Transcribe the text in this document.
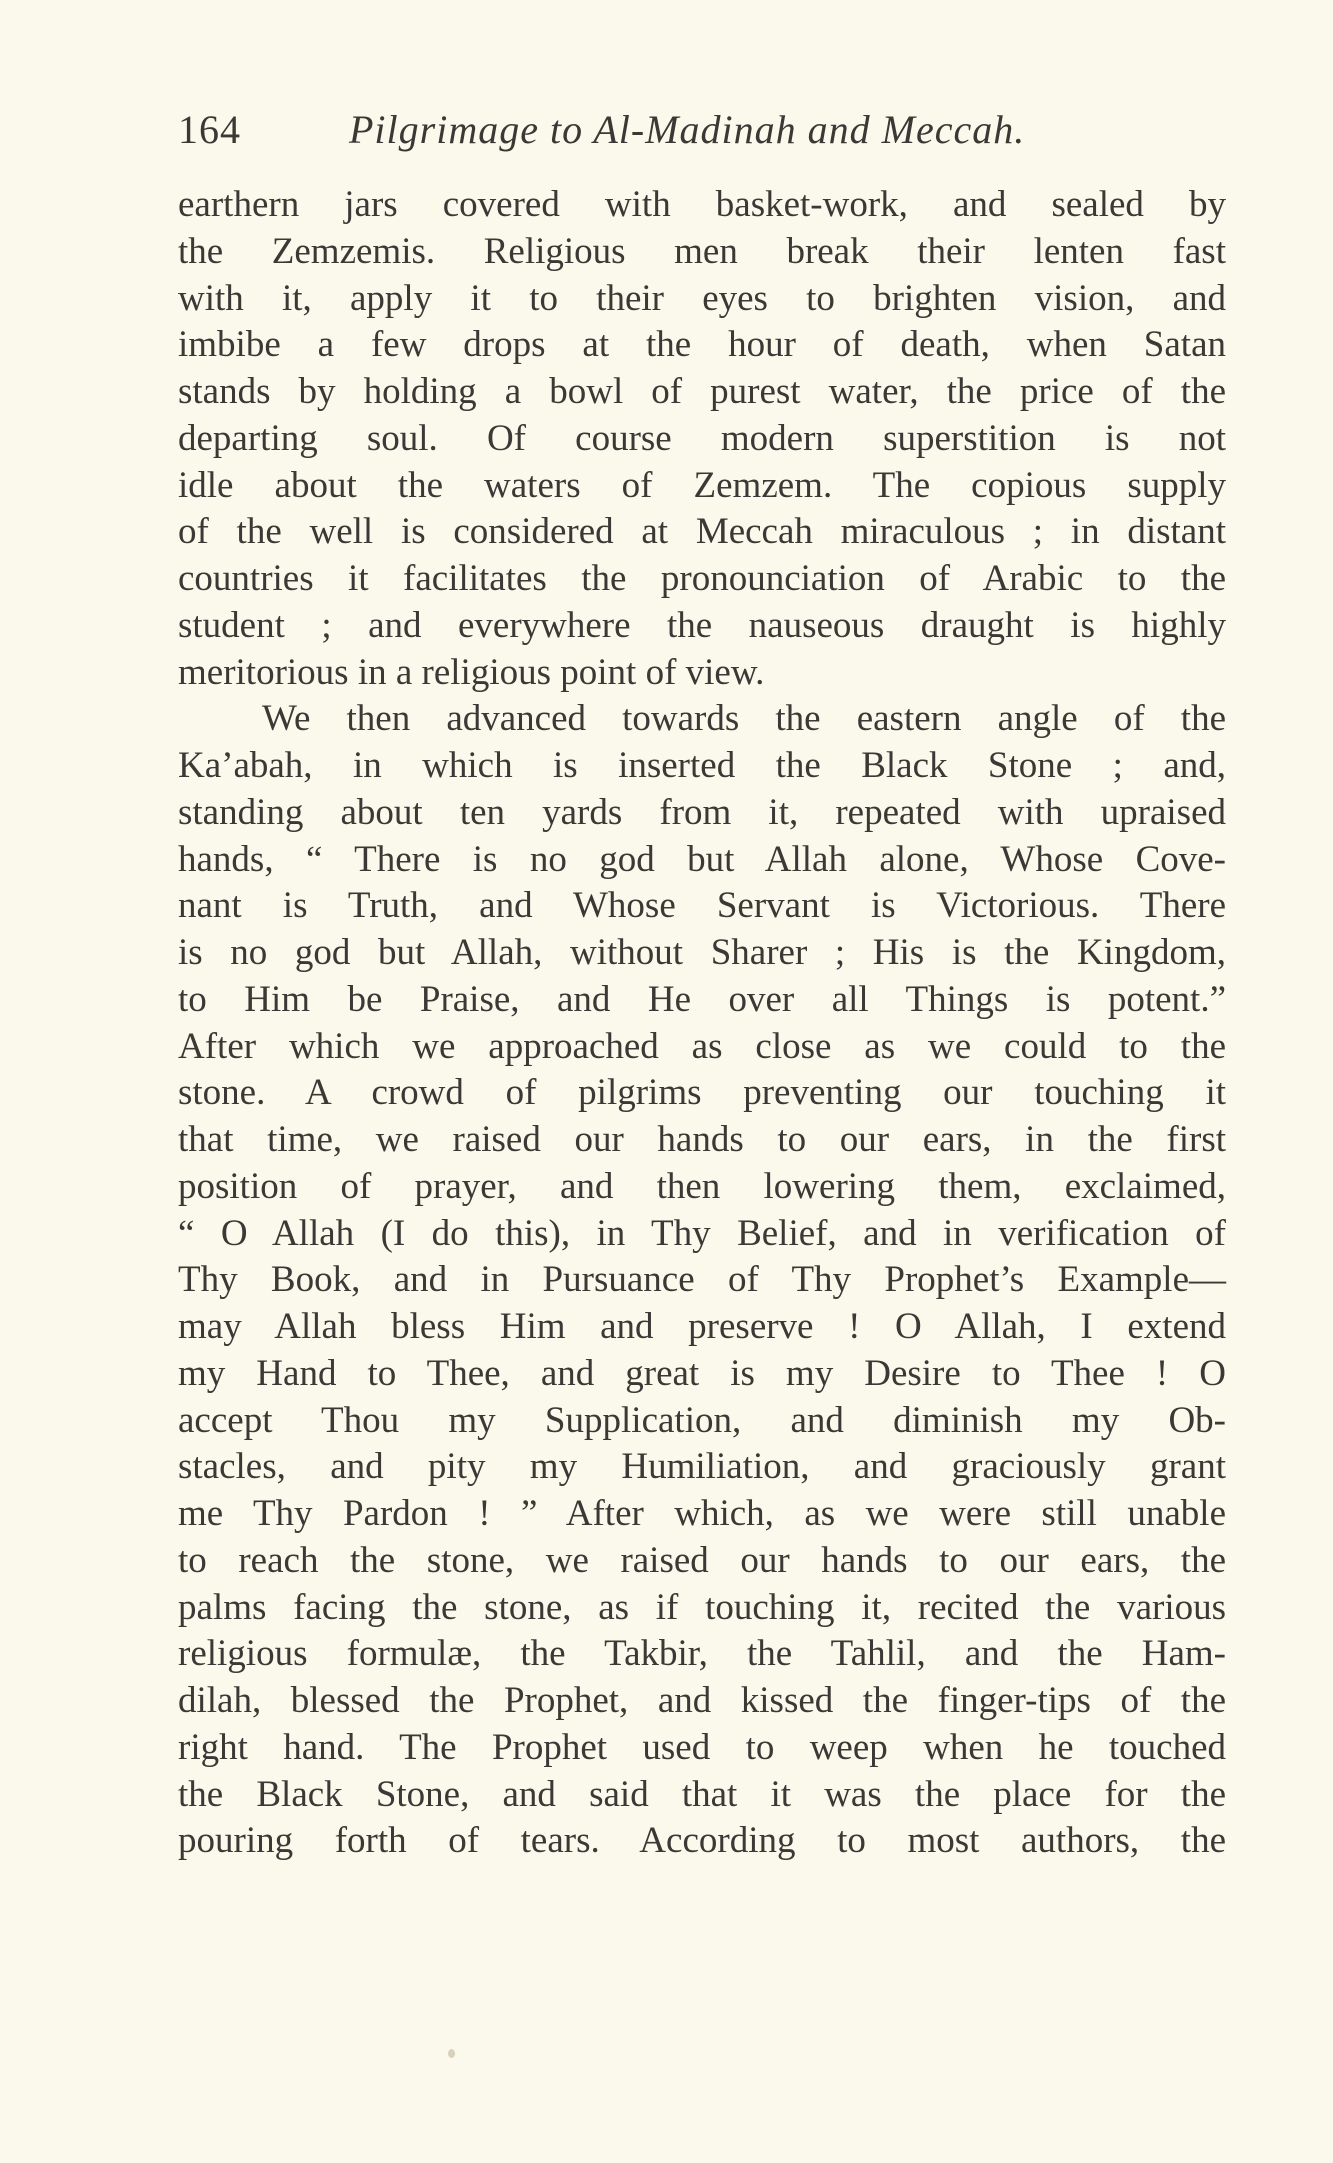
164	Pilgrimage to Al-Madinah and Meccah.
earthern jars covered with basket-work, and sealed by
the Zemzemis. Religious men break their lenten fast
with it, apply it to their eyes to brighten vision, and
imbibe a few drops at the hour of death, when Satan
stands by holding a bowl of purest water, the price of the
departing soul. Of course modern superstition is not
idle about the waters of Zemzem. The copious supply
of the well is considered at Meccah miraculous ; in distant
countries it facilitates the pronounciation of Arabic to the
student ; and everywhere the nauseous draught is highly
meritorious in a religious point of view.
We then advanced towards the eastern angle of the
Ka’abah, in which is inserted the Black Stone ; and,
standing about ten yards from it, repeated with upraised
hands, “ There is no god but Allah alone, Whose Cove-
nant is Truth, and Whose Servant is Victorious. There
is no god but Allah, without Sharer ; His is the Kingdom,
to Him be Praise, and He over all Things is potent.”
After which we approached as close as we could to the
stone. A crowd of pilgrims preventing our touching it
that time, we raised our hands to our ears, in the first
position of prayer, and then lowering them, exclaimed,
“ O Allah (I do this), in Thy Belief, and in verification of
Thy Book, and in Pursuance of Thy Prophet’s Example—
may Allah bless Him and preserve ! O Allah, I extend
my Hand to Thee, and great is my Desire to Thee ! O
accept Thou my Supplication, and diminish my Ob-
stacles, and pity my Humiliation, and graciously grant
me Thy Pardon ! ” After which, as we were still unable
to reach the stone, we raised our hands to our ears, the
palms facing the stone, as if touching it, recited the various
religious formulæ, the Takbir, the Tahlil, and the Ham-
dilah, blessed the Prophet, and kissed the finger-tips of the
right hand. The Prophet used to weep when he touched
the Black Stone, and said that it was the place for the
pouring forth of tears. According to most authors, the
